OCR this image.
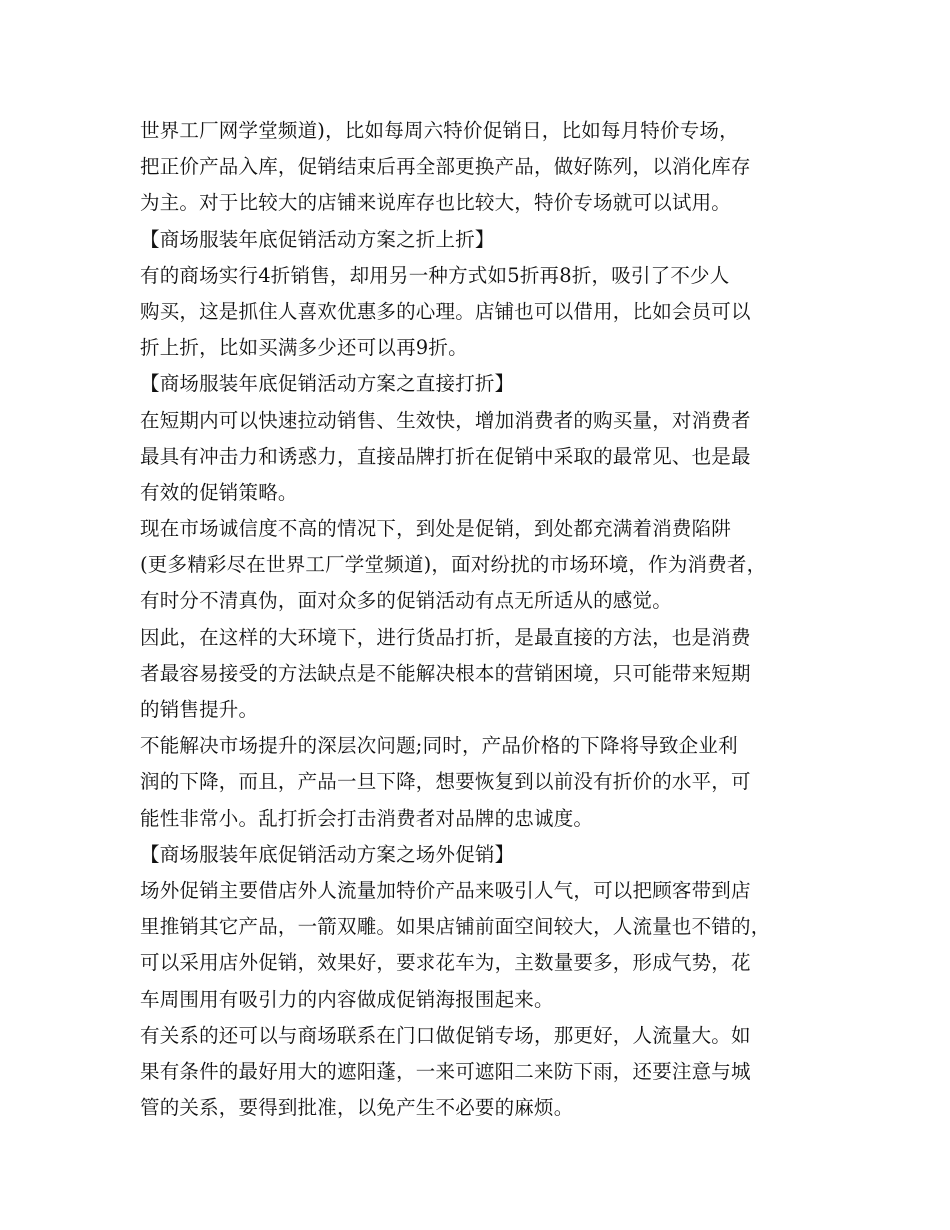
世界工厂网学堂频道)，比如每周六特价促销日，比如每月特价专场，
把正价产品入库，促销结束后再全部更换产品，做好陈列，以消化库存
为主。对于比较大的店铺来说库存也比较大，特价专场就可以试用。
【商场服装年底促销活动方案之折上折】
有的商场实行4折销售，却用另一种方式如5折再8折，吸引了不少人
购买，这是抓住人喜欢优惠多的心理。店铺也可以借用，比如会员可以
折上折，比如买满多少还可以再9折。
【商场服装年底促销活动方案之直接打折】
在短期内可以快速拉动销售、生效快，增加消费者的购买量，对消费者
最具有冲击力和诱惑力，直接品牌打折在促销中采取的最常见、也是最
有效的促销策略。
现在市场诚信度不高的情况下，到处是促销，到处都充满着消费陷阱
(更多精彩尽在世界工厂学堂频道)，面对纷扰的市场环境，作为消费者，
有时分不清真伪，面对众多的促销活动有点无所适从的感觉。
因此，在这样的大环境下，进行货品打折，是最直接的方法，也是消费
者最容易接受的方法缺点是不能解决根本的营销困境，只可能带来短期
的销售提升。
不能解决市场提升的深层次问题;同时，产品价格的下降将导致企业利
润的下降，而且，产品一旦下降，想要恢复到以前没有折价的水平，可
能性非常小。乱打折会打击消费者对品牌的忠诚度。
【商场服装年底促销活动方案之场外促销】
场外促销主要借店外人流量加特价产品来吸引人气，可以把顾客带到店
里推销其它产品，一箭双雕。如果店铺前面空间较大，人流量也不错的，
可以采用店外促销，效果好，要求花车为，主数量要多，形成气势，花
车周围用有吸引力的内容做成促销海报围起来。
有关系的还可以与商场联系在门口做促销专场，那更好，人流量大。如
果有条件的最好用大的遮阳蓬，一来可遮阳二来防下雨，还要注意与城
管的关系，要得到批准，以免产生不必要的麻烦。
